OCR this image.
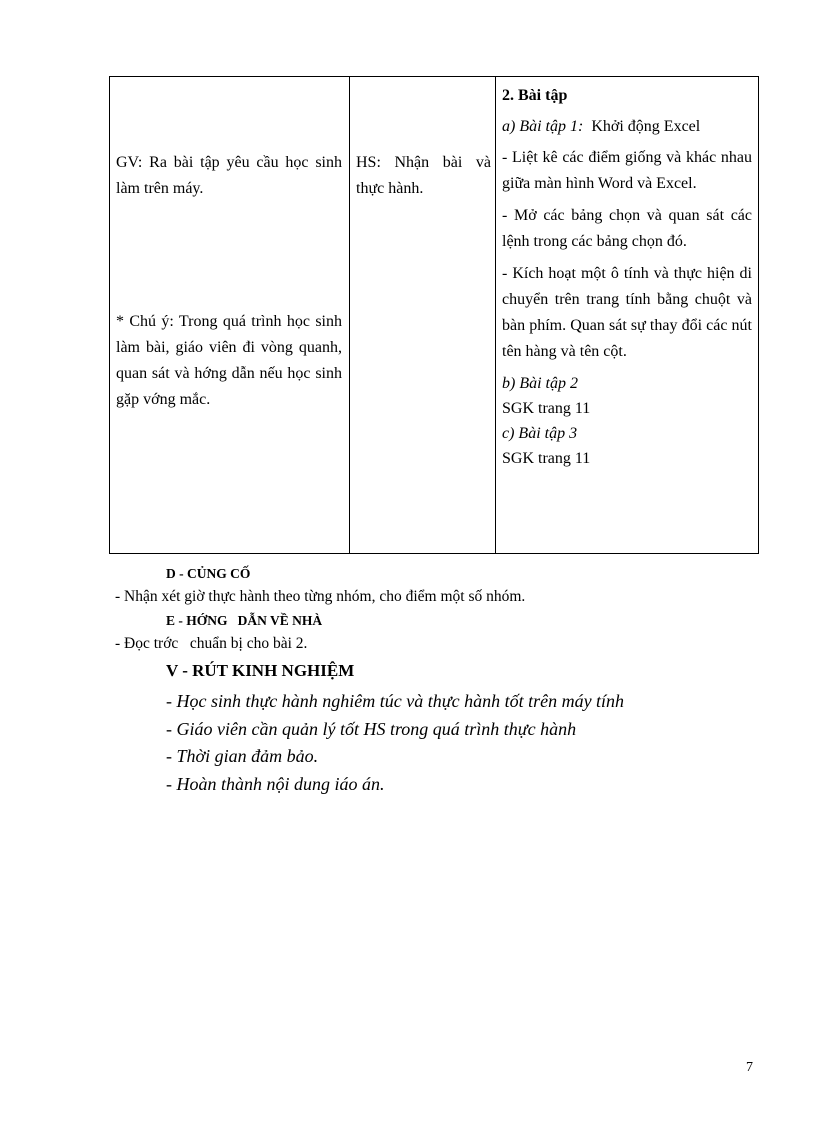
GV: Ra bài tập yêu cầu học sinh làm trên máy.
* Chú ý: Trong quá trình học sinh làm bài, giáo viên đi vòng quanh, quan sát và hớng dẫn nếu học sinh gặp vớng mắc.
HS: Nhận bài và thực hành.
2. Bài tập
a) Bài tập 1: Khởi động Excel
- Liệt kê các điểm giống và khác nhau giữa màn hình Word và Excel.
- Mở các bảng chọn và quan sát các lệnh trong các bảng chọn đó.
- Kích hoạt một ô tính và thực hiện di chuyển trên trang tính bằng chuột và bàn phím. Quan sát sự thay đổi các nút tên hàng và tên cột.
b) Bài tập 2
SGK trang 11
c) Bài tập 3
SGK trang 11
D - CỦNG CỐ
- Nhận xét giờ thực hành theo từng nhóm, cho điểm một số nhóm.
E - HỚNG   DẪN VỀ NHÀ
- Đọc trớc   chuẩn bị cho bài 2.
V - RÚT KINH NGHIỆM
- Học sinh thực hành nghiêm túc và thực hành tốt trên máy tính
- Giáo viên cần quản lý tốt HS trong quá trình thực hành
- Thời gian đảm bảo.
- Hoàn thành nội dung iáo án.
7
